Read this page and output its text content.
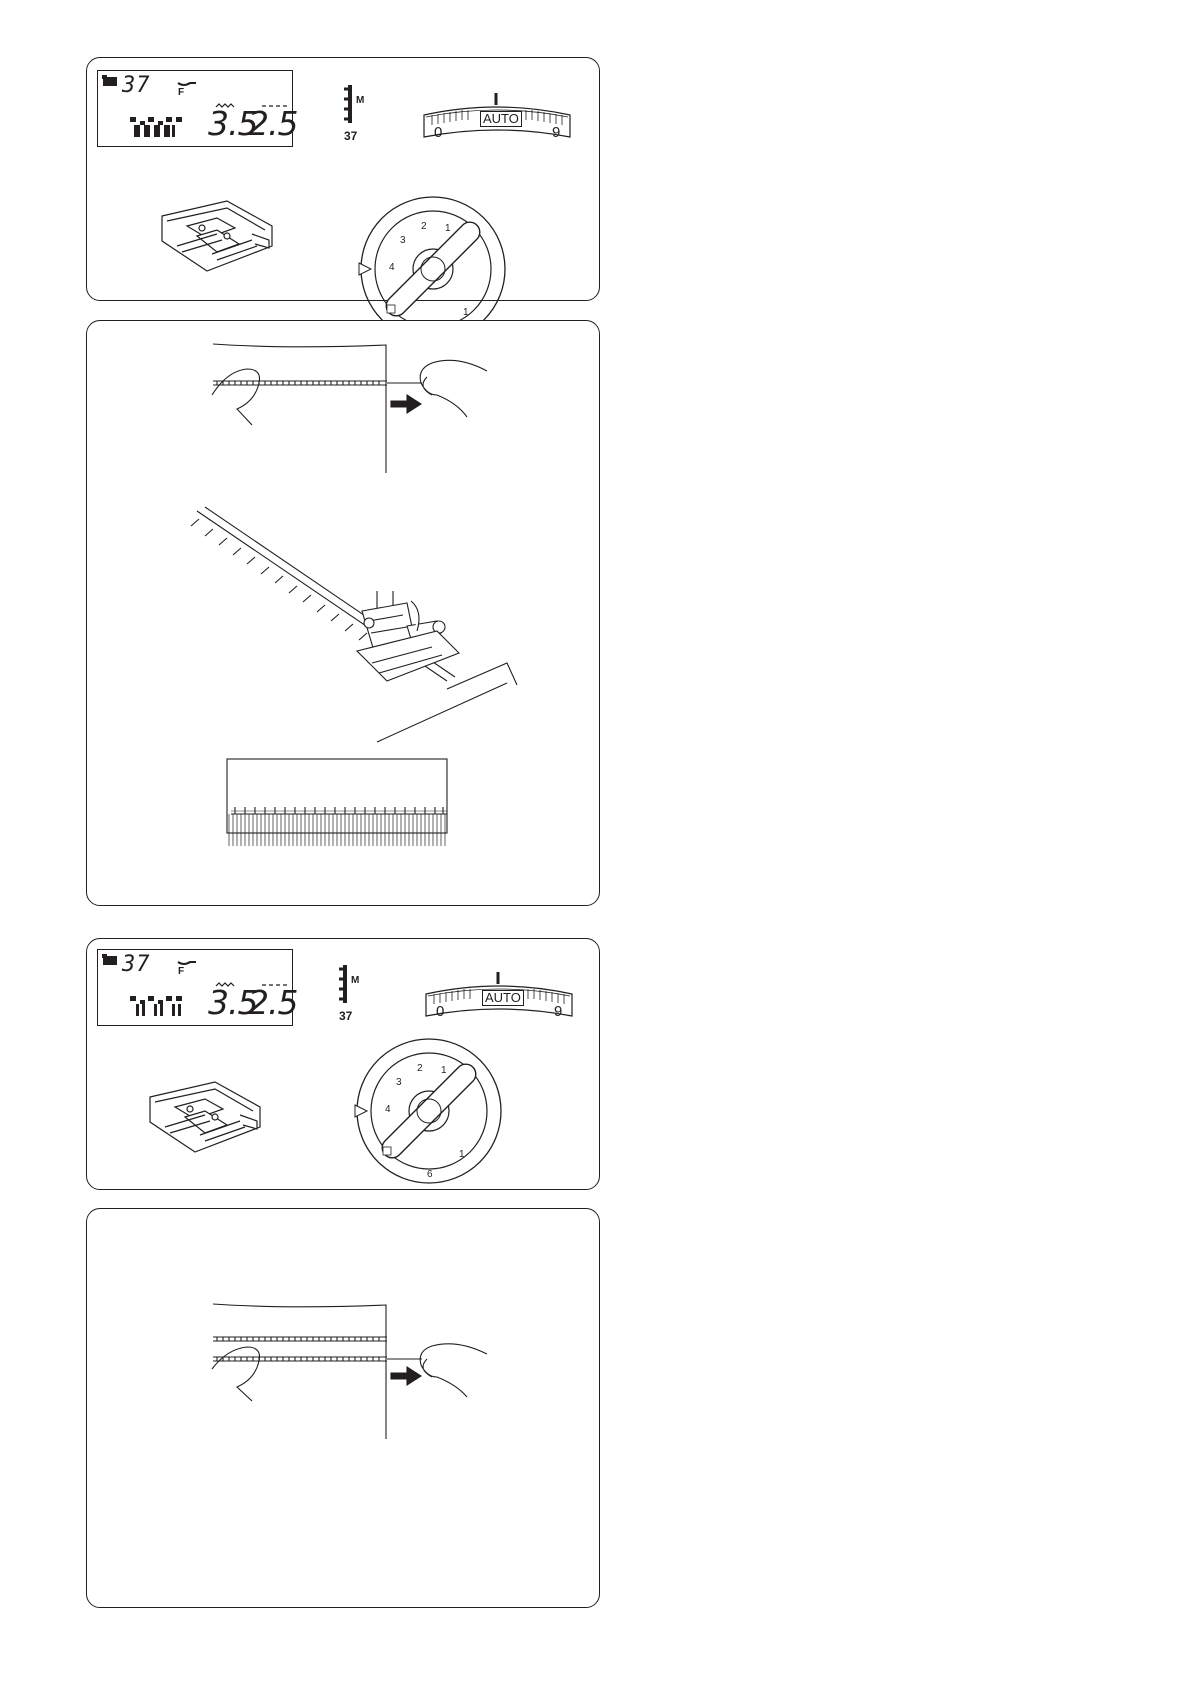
37	F
3.5
2.5
M
37
AUTO
0	9
2 1
3
4
1
37	F
3.5
2.5
M
37
AUTO
0	9
2 1
3
4
1
6
